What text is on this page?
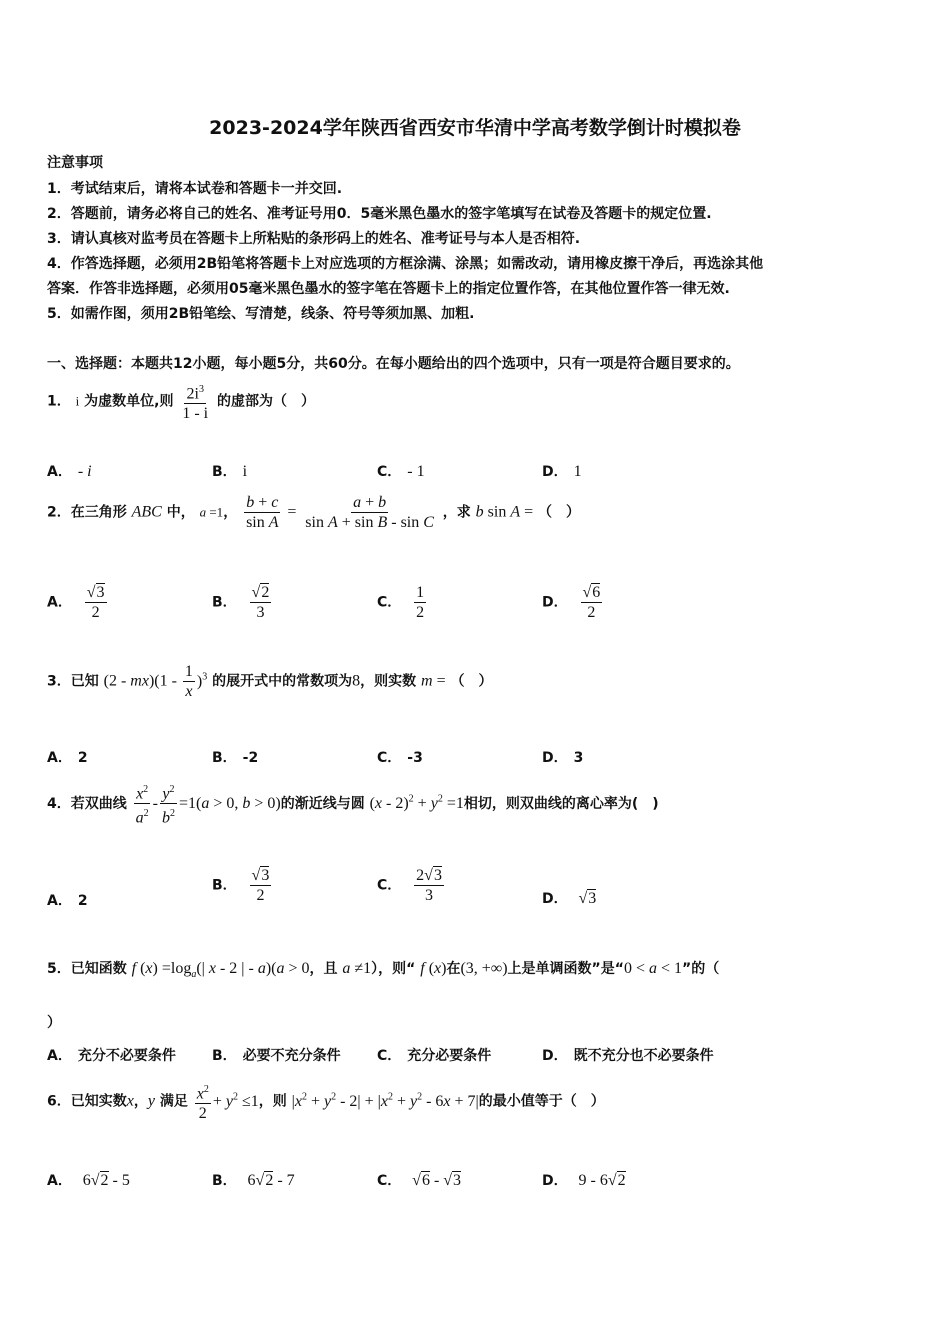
2023-2024学年陕西省西安市华清中学高考数学倒计时模拟卷
注意事项
1．考试结束后，请将本试卷和答题卡一并交回.
2．答题前，请务必将自己的姓名、准考证号用0．5毫米黑色墨水的签字笔填写在试卷及答题卡的规定位置.
3．请认真核对监考员在答题卡上所粘贴的条形码上的姓名、准考证号与本人是否相符.
4．作答选择题，必须用2B铅笔将答题卡上对应选项的方框涂满、涂黑；如需改动，请用橡皮擦干净后，再选涂其他
答案．作答非选择题，必须用05毫米黑色墨水的签字笔在答题卡上的指定位置作答，在其他位置作答一律无效.
5．如需作图，须用2B铅笔绘、写清楚，线条、符号等须加黑、加粗.
一、选择题：本题共12小题，每小题5分，共60分。在每小题给出的四个选项中，只有一项是符合题目要求的。
1． i 为虚数单位,则 $\frac{2i^3}{1 - i}$ 的虚部为（　）
A． - i	B． i	C． - 1	D． 1
2．在三角形 ABC 中， a =1， $\frac{b + c}{\text{sin A}} = \frac{a + b}{\text{sin A + sin B - sin C}}$ ，求 b sin A = （　）
A． $\frac{√3}{2}$	B． $\frac{√2}{3}$	C． $\frac{1}{2}$	D． $\frac{√6}{2}$
3．已知 $(2 - mx)(1 - \frac{1}{x} )^3$ 的展开式中的常数项为8，则实数 m = （　）
A． 2	B． -2	C． -3	D． 3
4．若双曲线 $\frac{x^2}{a^2} - \frac{y^2}{b^2} =1(a > 0$, b > 0)的渐近线与圆 $(x - 2)^2 + y^2 =1$相切，则双曲线的离心率为(　)
A． 2
B． $\frac{√3}{2}$	C． $\frac{2√3}{3}$	D． √3
5．已知函数 f $(x) =\log_a(|$ x - 2 | - a)(a > 0，且 a ≠1），则“ f (x)在(3, +∞)上是单调函数”是“0 < a < 1”的（
）
A． 充分不必要条件	B． 必要不充分条件	C． 充分必要条件	D． 既不充分也不必要条件
6．已知实数x，y 满足 $\frac{x^2}{2} + y^2 \le 1$，则 $|x^2 + y^2 - 2| + |x^2 + y^2 - 6x + 7|$的最小值等于（　）
A． 6√2 - 5	B． 6√2 - 7	C． √6 - √3	D． 9 - 6√2
